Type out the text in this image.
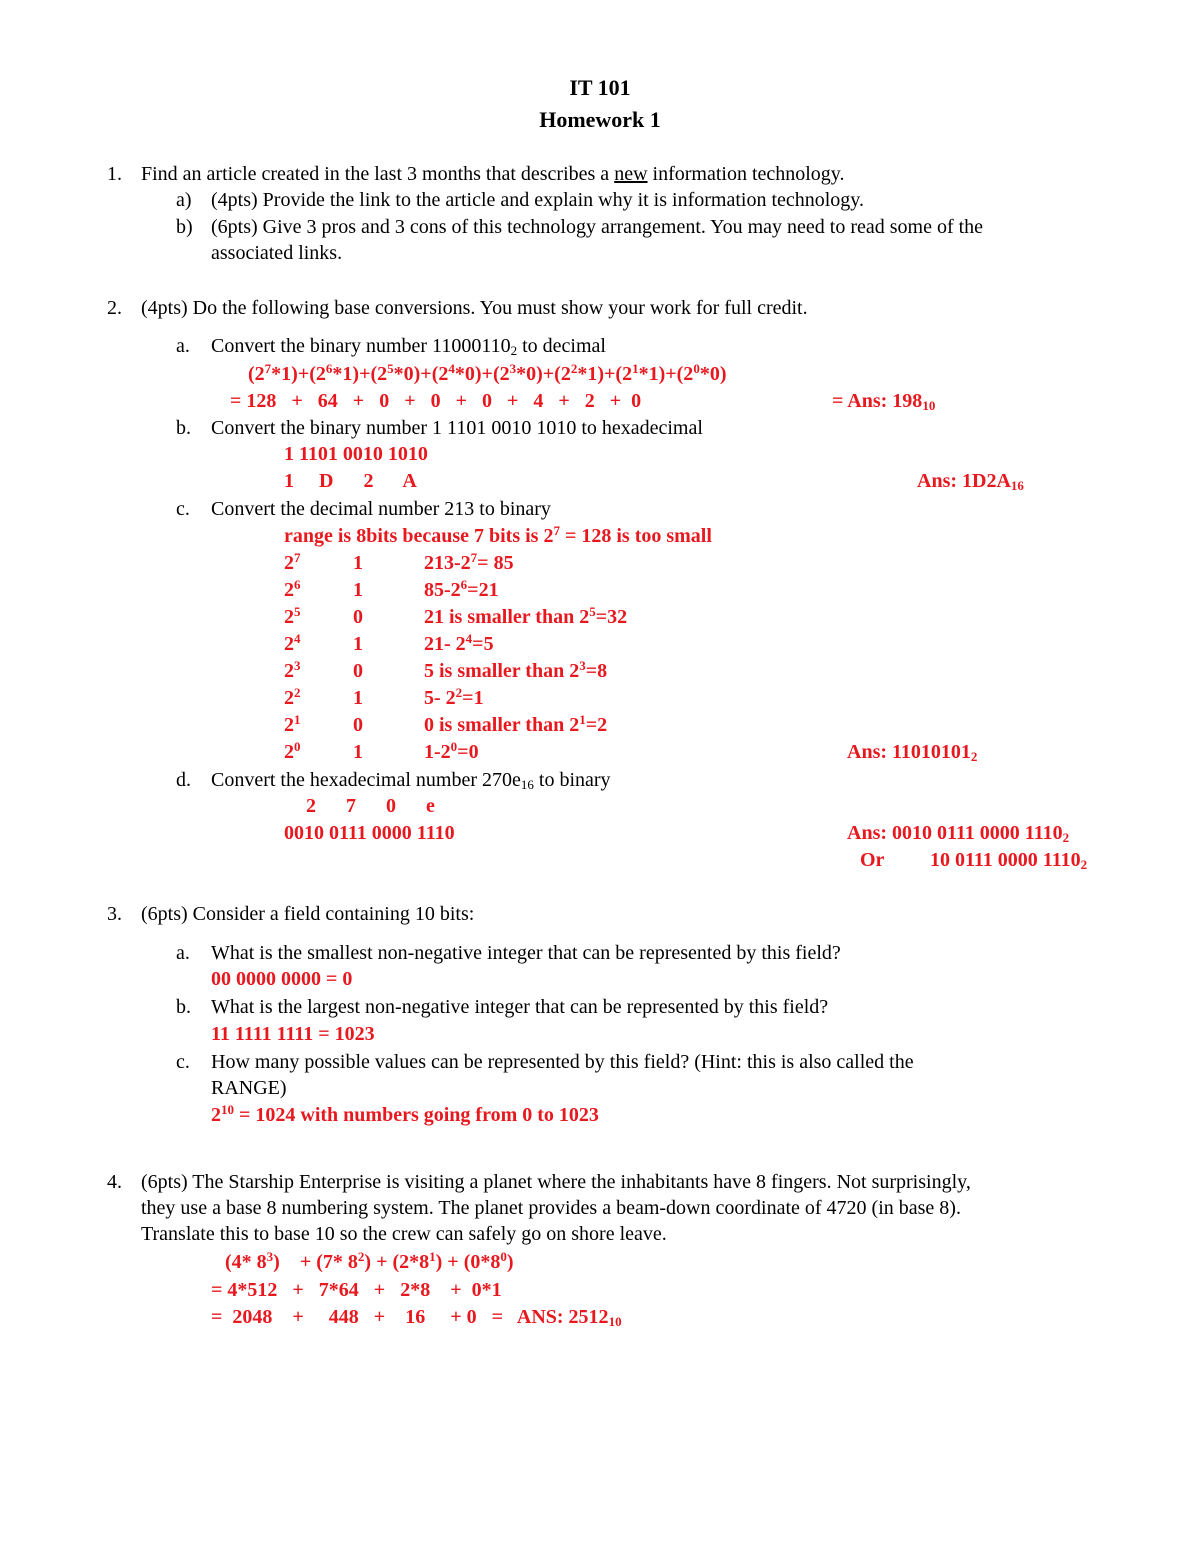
IT 101
Homework 1
1. Find an article created in the last 3 months that describes a new information technology.
a) (4pts) Provide the link to the article and explain why it is information technology.
b) (6pts) Give 3 pros and 3 cons of this technology arrangement. You may need to read some of the
associated links.
2. (4pts) Do the following base conversions. You must show your work for full credit.
a. Convert the binary number $11000110_2$ to decimal
$(2^7*1)+(2^6*1)+(2^5*0)+(2^4*0)+(2^3*0)+(2^2*1)+(2^1*1)+(2^0*0)$
= 128   +   64   +   0   +   0   +   0   +   4   +   2   +  0	= Ans: $198_{10}$
b. Convert the binary number 1 1101 0010 1010 to hexadecimal
1 1101 0010 1010
1     D      2      A	Ans: $1D2A_{16}$
c. Convert the decimal number 213 to binary
range is 8bits because 7 bits is $2^7 = 128$ is too small
$2^7$	1	$213-2^7= 85$
$2^6$	1	$85-2^6=21$
$2^5$	0	21 is smaller than $2^5=32$
$2^4$	1	21- $2^4=5$
$2^3$	0	5 is smaller than $2^3=8$
$2^2$	1	5- $2^2=1$
$2^1$	0	0 is smaller than $2^1=2$
$2^0$	1	$1-2^0=0$	Ans: $11010101_2$
d. Convert the hexadecimal number $270e_{16}$ to binary
2      7      0      e
0010 0111 0000 1110	Ans: 0010 0111 0000 $1110_2$
Or 10 0111 0000 $1110_2$
3. (6pts) Consider a field containing 10 bits:
a. What is the smallest non-negative integer that can be represented by this field?
00 0000 0000 = 0
b. What is the largest non-negative integer that can be represented by this field?
11 1111 1111 = 1023
c. How many possible values can be represented by this field? (Hint: this is also called the
RANGE)
$2^{10} = 1024$ with numbers going from 0 to 1023
4. (6pts) The Starship Enterprise is visiting a planet where the inhabitants have 8 fingers. Not surprisingly,
they use a base 8 numbering system. The planet provides a beam-down coordinate of 4720 (in base 8).
Translate this to base 10 so the crew can safely go on shore leave.
(4* $8^3$)    + (7* $8^2) + (2*8^1) + (0*8^0)$
= 4*512   +   7*64   +   2*8    +  0*1
=  2048    +     448   +    16     + 0   =   ANS: $2512_{10}$
